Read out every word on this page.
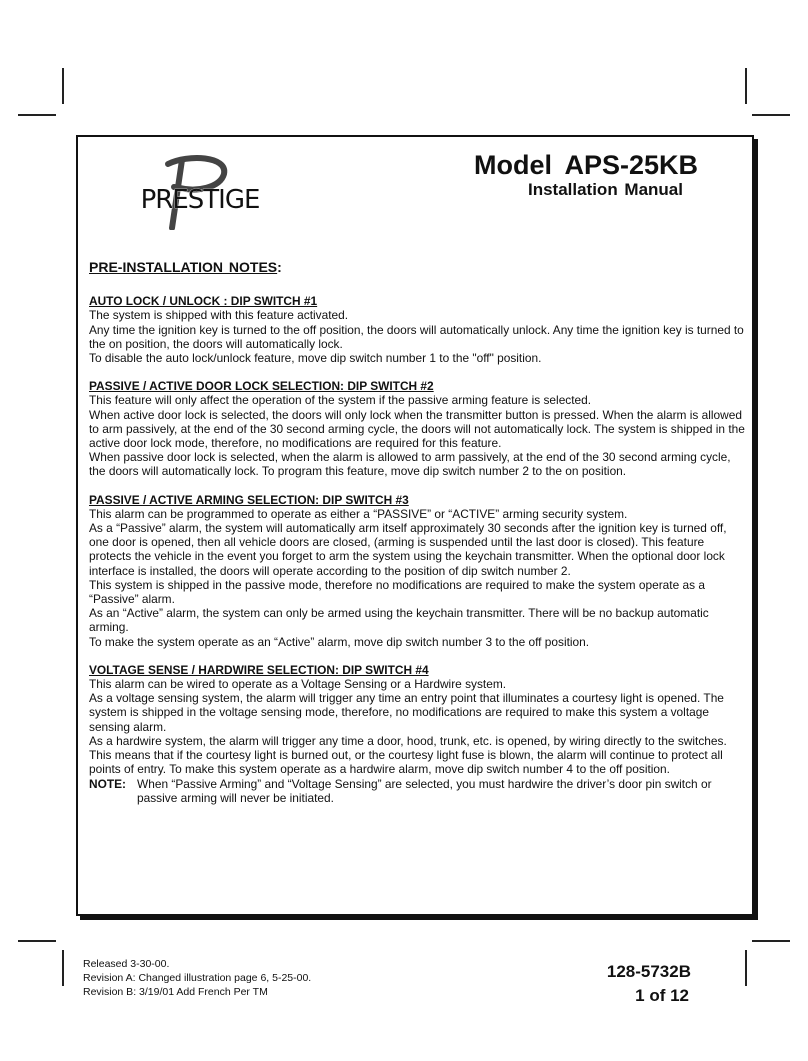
PRESTIGE
Model APS-25KB
Installation Manual

PRE-INSTALLATION NOTES:

AUTO LOCK / UNLOCK : DIP SWITCH #1

The system is shipped with this feature activated.

Any time the ignition key is turned to the off position, the doors will automatically unlock. Any time the ignition key is turned to the on position, the doors will automatically lock.

To disable the auto lock/unlock feature, move dip switch number 1 to the "off" position.

PASSIVE / ACTIVE DOOR LOCK SELECTION: DIP SWITCH #2

This feature will only affect the operation of the system if the passive arming feature is selected.

When active door lock is selected, the doors will only lock when the transmitter button is pressed. When the alarm is allowed to arm passively, at the end of the 30 second arming cycle, the doors will not automatically lock. The system is shipped in the active door lock mode, therefore, no modifications are required for this feature.

When passive door lock is selected, when the alarm is allowed to arm passively, at the end of the 30 second arming cycle, the doors will automatically lock. To program this feature, move dip switch number 2 to the on position.

PASSIVE / ACTIVE ARMING SELECTION: DIP SWITCH #3

This alarm can be programmed to operate as either a “PASSIVE” or “ACTIVE” arming security system.

As a “Passive” alarm, the system will automatically arm itself approximately 30 seconds after the ignition key is turned off, one door is opened, then all vehicle doors are closed, (arming is suspended until the last door is closed). This feature protects the vehicle in the event you forget to arm the system using the keychain transmitter. When the optional door lock interface is installed, the doors will operate according to the position of dip switch number 2.

This system is shipped in the passive mode, therefore no modifications are required to make the system operate as a “Passive” alarm.

As an “Active” alarm, the system can only be armed using the keychain transmitter. There will be no backup automatic arming.

To make the system operate as an “Active” alarm, move dip switch number 3 to the off position.

VOLTAGE SENSE / HARDWIRE SELECTION: DIP SWITCH #4

This alarm can be wired to operate as a Voltage Sensing or a Hardwire system.

As a voltage sensing system, the alarm will trigger any time an entry point that illuminates a courtesy light is opened. The system is shipped in the voltage sensing mode, therefore, no modifications are required to make this system a voltage sensing alarm.

As a hardwire system, the alarm will trigger any time a door, hood, trunk, etc. is opened, by wiring directly to the switches. This means that if the courtesy light is burned out, or the courtesy light fuse is blown, the alarm will continue to protect all points of entry. To make this system operate as a hardwire alarm, move dip switch number 4 to the off position.

NOTE: When “Passive Arming” and “Voltage Sensing” are selected, you must hardwire the driver’s door pin switch or passive arming will never be initiated.
Released 3-30-00.
Revision A: Changed illustration page 6, 5-25-00.
Revision B: 3/19/01 Add French Per TM
128-5732B
1 of 12
